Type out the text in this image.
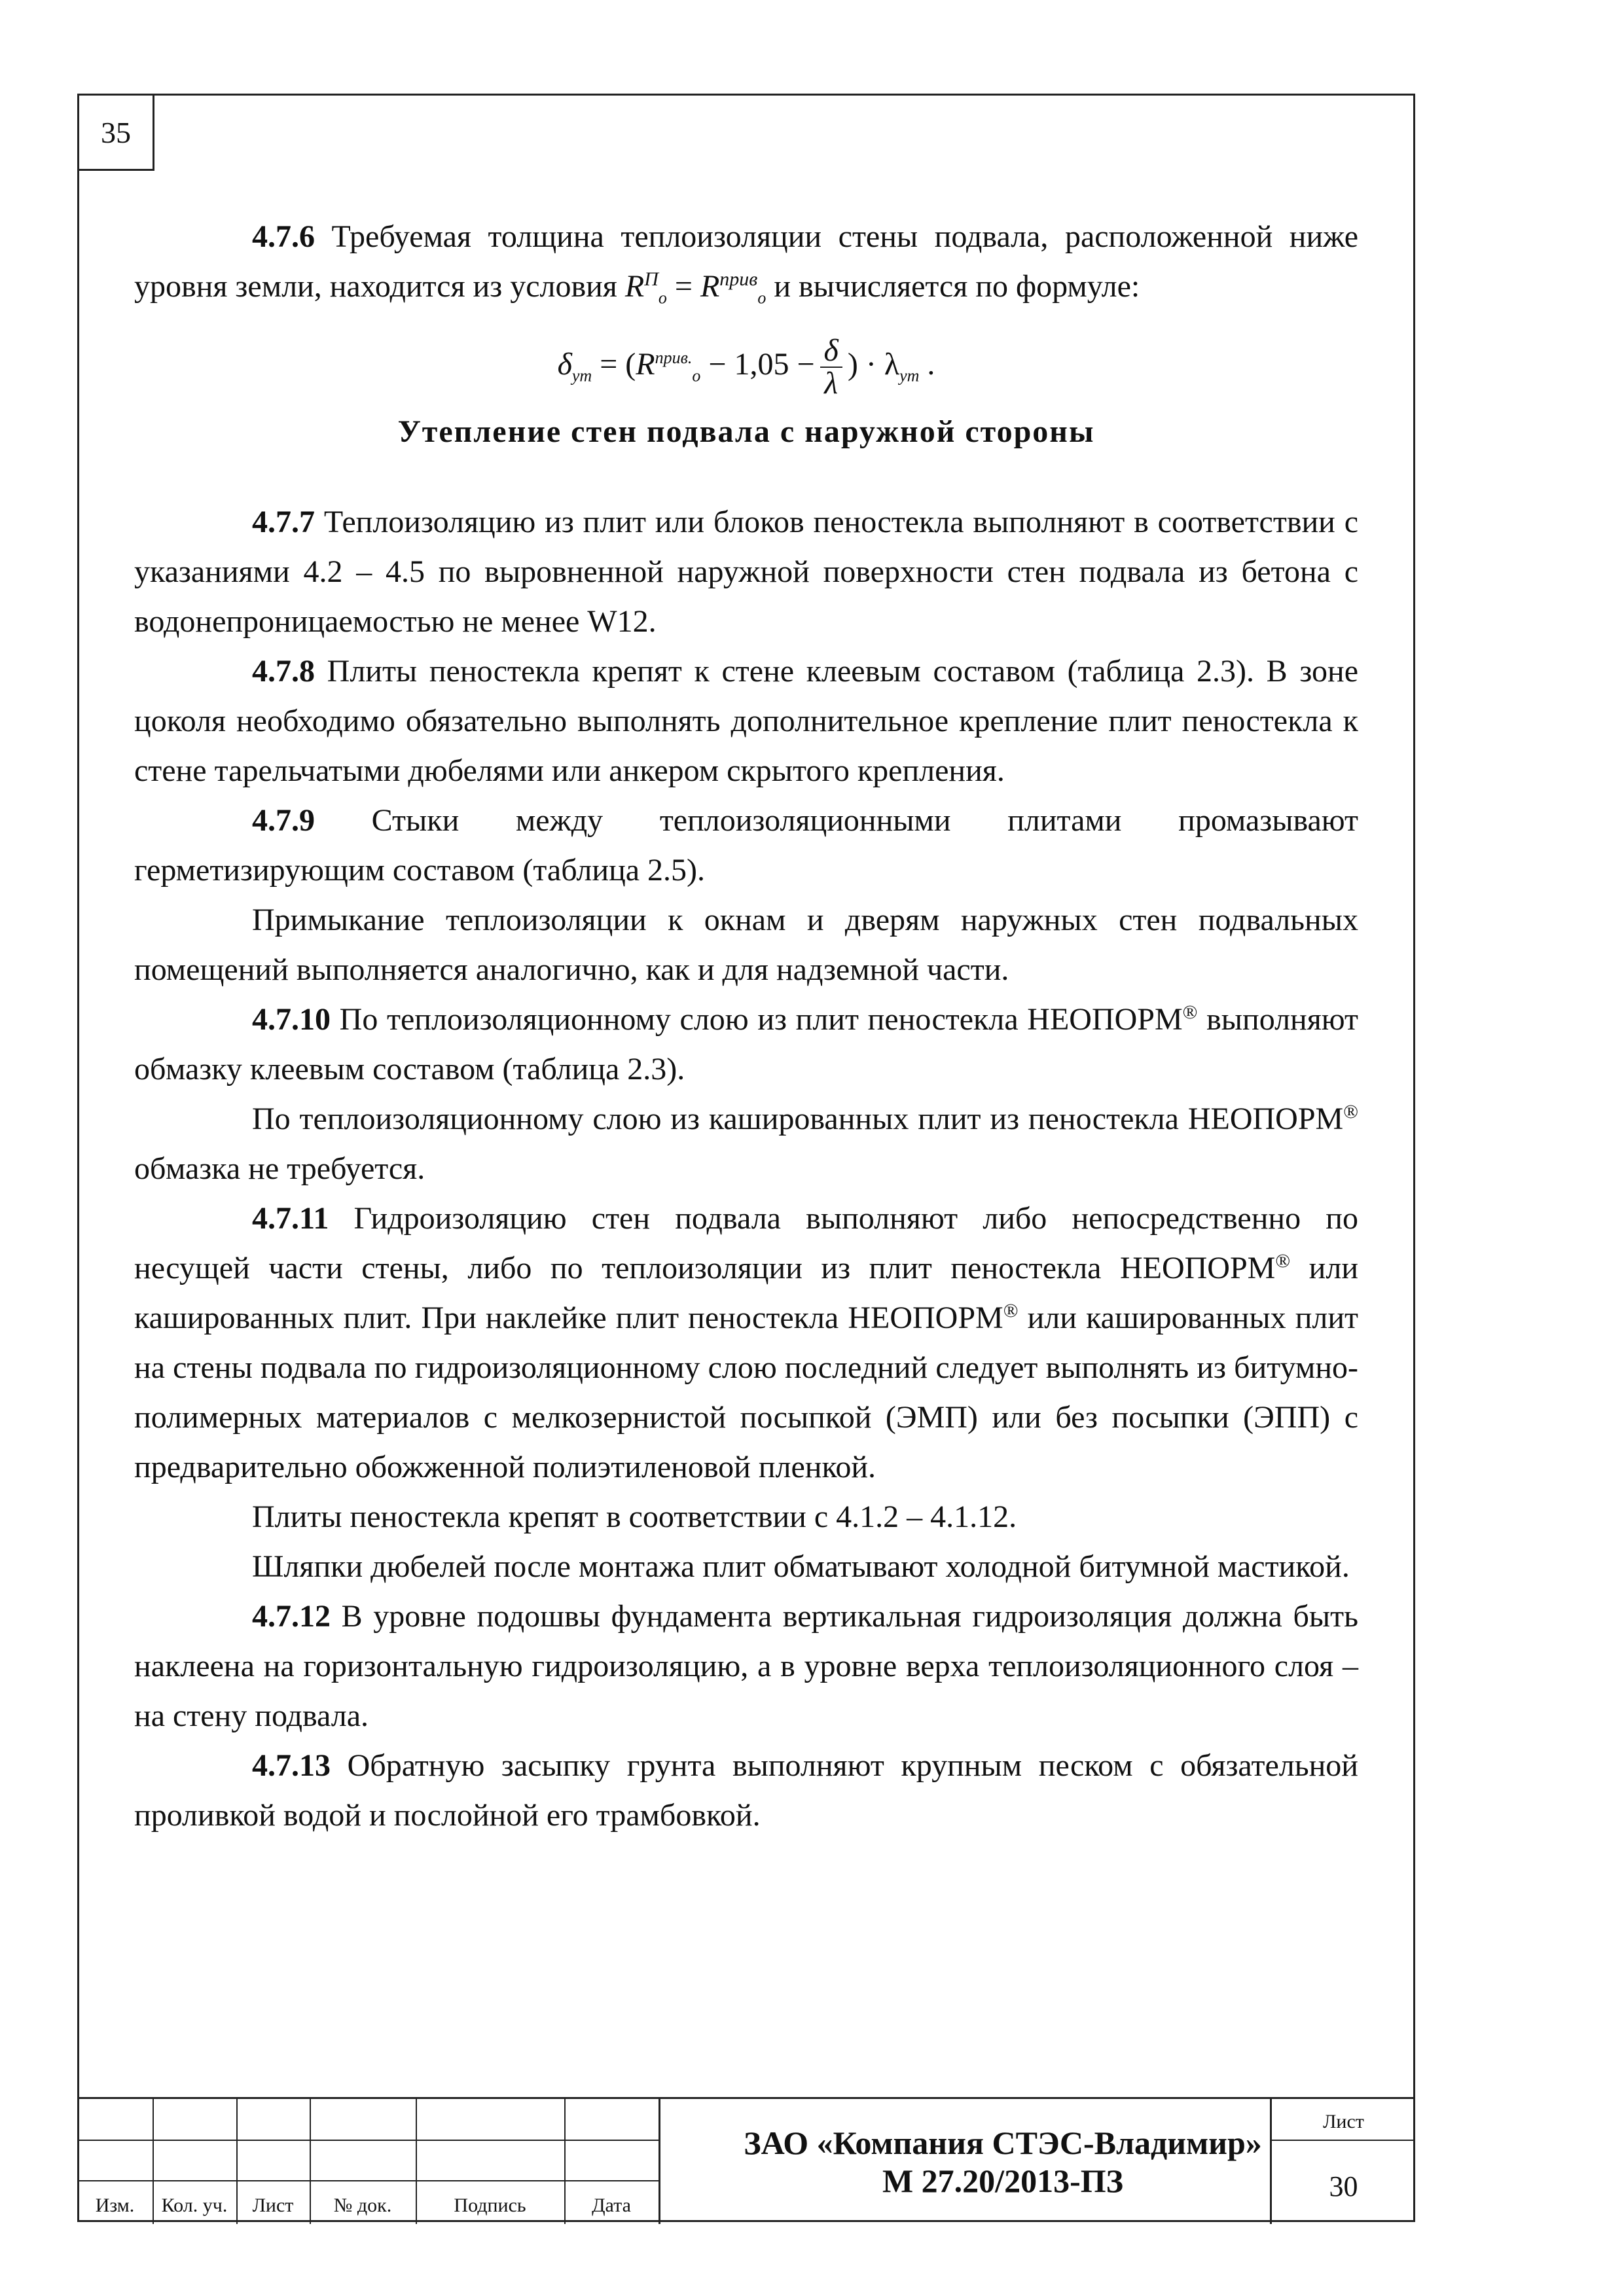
35

4.7.6 Требуемая толщина теплоизоляции стены подвала, расположенной ниже уровня земли, находится из условия $R^П_o = R^{прив}_o$ и вычисляется по формуле:

$\delta_{ут} = (R^{прив.}_o - 1,05 - \frac{\delta}{\lambda}$ ) · $\lambda_{ут}$ .

Утепление стен подвала с наружной стороны

4.7.7 Теплоизоляцию из плит или блоков пеностекла выполняют в соответствии с указаниями 4.2 – 4.5 по выровненной наружной поверхности стен подвала из бетона с водонепроницаемостью не менее W12.

4.7.8 Плиты пеностекла крепят к стене клеевым составом (таблица 2.3). В зоне цоколя необходимо обязательно выполнять дополнительное крепление плит пеностекла к стене тарельчатыми дюбелями или анкером скрытого крепления.

4.7.9 Стыки между теплоизоляционными плитами промазывают герметизирующим составом (таблица 2.5).

Примыкание теплоизоляции к окнам и дверям наружных стен подвальных помещений выполняется аналогично, как и для надземной части.

4.7.10 По теплоизоляционному слою из плит пеностекла НЕОПОРМ® выполняют обмазку клеевым составом (таблица 2.3).

По теплоизоляционному слою из кашированных плит из пеностекла НЕОПОРМ® обмазка не требуется.

4.7.11 Гидроизоляцию стен подвала выполняют либо непосредственно по несущей части стены, либо по теплоизоляции из плит пеностекла НЕОПОРМ® или кашированных плит. При наклейке плит пеностекла НЕОПОРМ® или кашированных плит на стены подвала по гидроизоляционному слою последний следует выполнять из битумно-полимерных материалов с мелкозернистой посыпкой (ЭМП) или без посыпки (ЭПП) с предварительно обожженной полиэтиленовой пленкой.

Плиты пеностекла крепят в соответствии с 4.1.2 – 4.1.12.

Шляпки дюбелей после монтажа плит обматывают холодной битумной мастикой.

4.7.12 В уровне подошвы фундамента вертикальная гидроизоляция должна быть наклеена на горизонтальную гидроизоляцию, а в уровне верха теплоизоляционного слоя – на стену подвала.

4.7.13 Обратную засыпку грунта выполняют крупным песком с обязательной проливкой водой и послойной его трамбовкой.

Изм.	Кол. уч.	Лист	№ док.	Подпись	Дата
ЗАО «Компания СТЭС-Владимир»
М 27.20/2013-ПЗ
Лист
30
